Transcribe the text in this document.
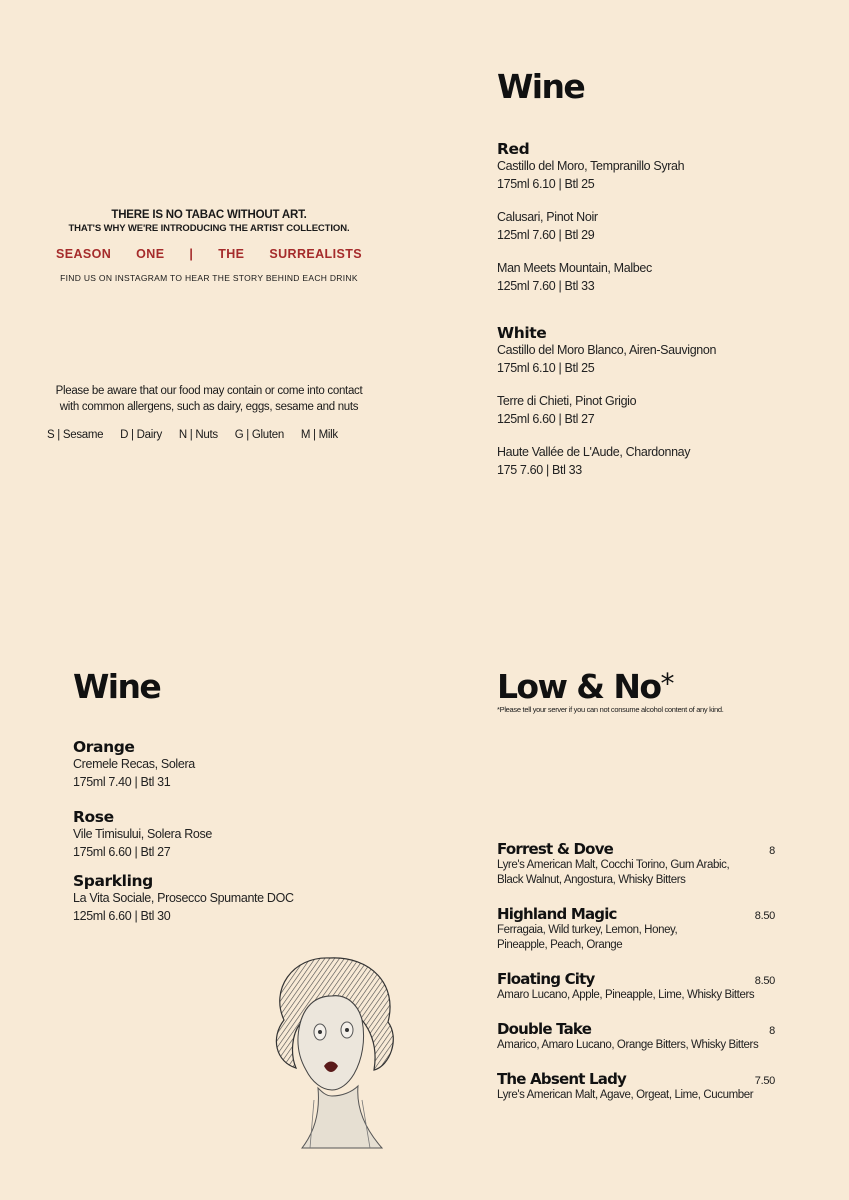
THERE IS NO TABAC WITHOUT ART.
THAT'S WHY WE'RE INTRODUCING THE ARTIST COLLECTION.
SEASON ONE | THE SURREALISTS
FIND US ON INSTAGRAM TO HEAR THE STORY BEHIND EACH DRINK
Please be aware that our food may contain or come into contact
with common allergens, such as dairy, eggs, sesame and nuts
S | Sesame D | Dairy N | Nuts G | Gluten M | Milk
Wine
Red
Castillo del Moro, Tempranillo Syrah
175ml 6.10 | Btl 25
Calusari, Pinot Noir
125ml 7.60 | Btl 29
Man Meets Mountain, Malbec
125ml 7.60 | Btl 33
White
Castillo del Moro Blanco, Airen-Sauvignon
175ml 6.10 | Btl 25
Terre di Chieti, Pinot Grigio
125ml 6.60 | Btl 27
Haute Vallée de L'Aude, Chardonnay
175 7.60 | Btl 33
Wine
Orange
Cremele Recas, Solera
175ml 7.40 | Btl 31
Rose
Vile Timisului, Solera Rose
175ml 6.60 | Btl 27
Sparkling
La Vita Sociale, Prosecco Spumante DOC
125ml 6.60 | Btl 30
Low & No*
*Please tell your server if you can not consume alcohol content of any kind.
Forrest & Dove	8
Lyre's American Malt, Cocchi Torino, Gum Arabic,
Black Walnut, Angostura, Whisky Bitters
Highland Magic	8.50
Ferragaia, Wild turkey, Lemon, Honey,
Pineapple, Peach, Orange
Floating City	8.50
Amaro Lucano, Apple, Pineapple, Lime, Whisky Bitters
Double Take	8
Amarico, Amaro Lucano, Orange Bitters, Whisky Bitters
The Absent Lady	7.50
Lyre's American Malt, Agave, Orgeat, Lime, Cucumber
